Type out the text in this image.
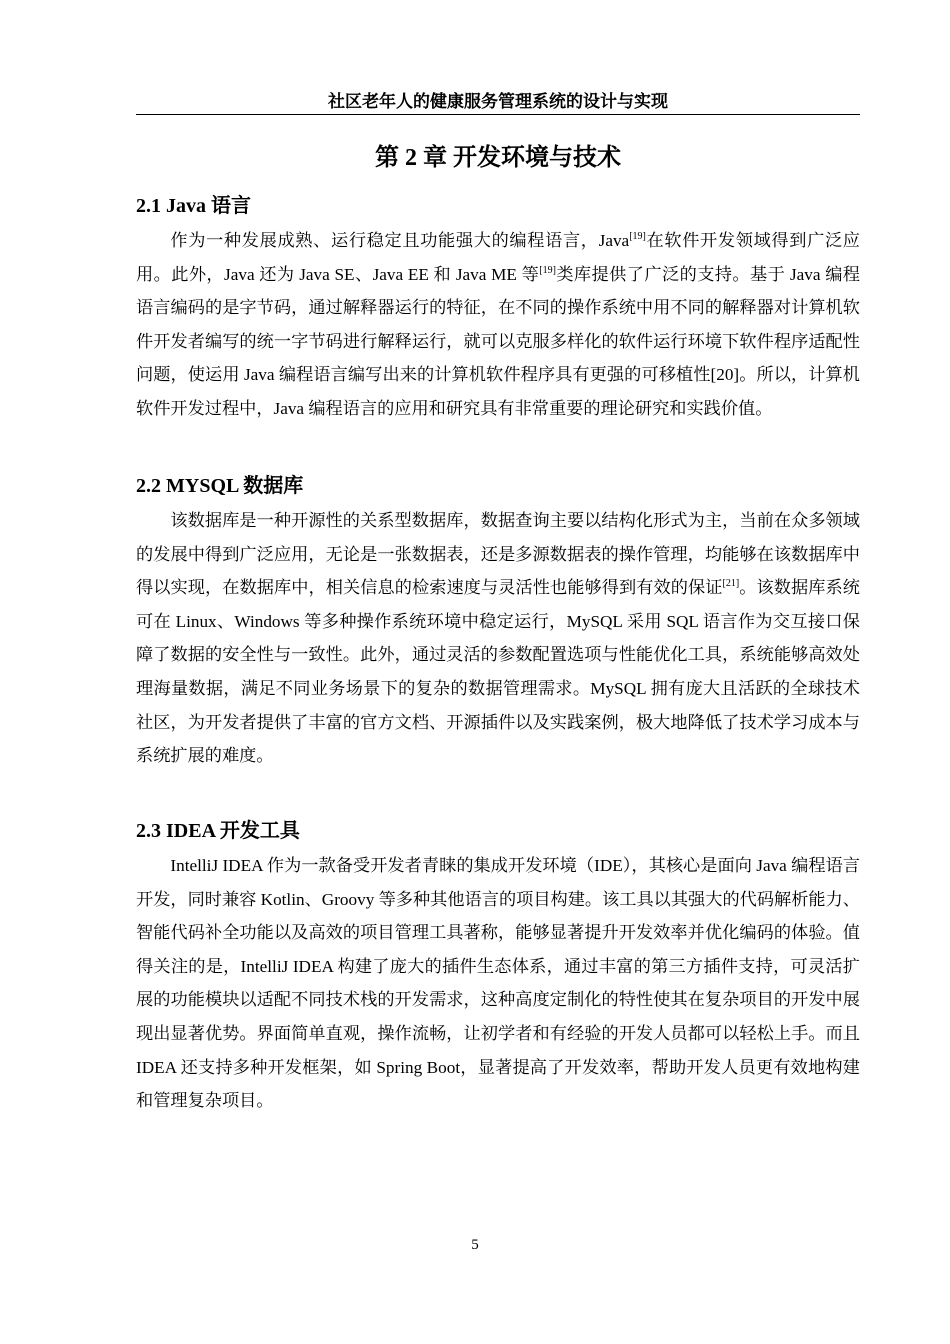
社区老年人的健康服务管理系统的设计与实现
第 2 章 开发环境与技术
2.1 Java 语言

作为一种发展成熟、运行稳定且功能强大的编程语言，Java[19]在软件开发领域得到广泛应用。此外，Java 还为 Java SE、Java EE 和 Java ME 等[19]类库提供了广泛的支持。基于 Java 编程语言编码的是字节码，通过解释器运行的特征，在不同的操作系统中用不同的解释器对计算机软件开发者编写的统一字节码进行解释运行，就可以克服多样化的软件运行环境下软件程序适配性问题，使运用 Java 编程语言编写出来的计算机软件程序具有更强的可移植性[20]。所以，计算机软件开发过程中，Java 编程语言的应用和研究具有非常重要的理论研究和实践价值。

2.2 MYSQL 数据库

该数据库是一种开源性的关系型数据库，数据查询主要以结构化形式为主，当前在众多领域的发展中得到广泛应用，无论是一张数据表，还是多源数据表的操作管理，均能够在该数据库中得以实现，在数据库中，相关信息的检索速度与灵活性也能够得到有效的保证[21]。该数据库系统可在 Linux、Windows 等多种操作系统环境中稳定运行，MySQL 采用 SQL 语言作为交互接口保障了数据的安全性与一致性。此外，通过灵活的参数配置选项与性能优化工具，系统能够高效处理海量数据，满足不同业务场景下的复杂的数据管理需求。MySQL 拥有庞大且活跃的全球技术社区，为开发者提供了丰富的官方文档、开源插件以及实践案例，极大地降低了技术学习成本与系统扩展的难度。

2.3 IDEA 开发工具

IntelliJ IDEA 作为一款备受开发者青睐的集成开发环境（IDE），其核心是面向 Java 编程语言开发，同时兼容 Kotlin、Groovy 等多种其他语言的项目构建。该工具以其强大的代码解析能力、智能代码补全功能以及高效的项目管理工具著称，能够显著提升开发效率并优化编码的体验。值得关注的是，IntelliJ IDEA 构建了庞大的插件生态体系，通过丰富的第三方插件支持，可灵活扩展的功能模块以适配不同技术栈的开发需求，这种高度定制化的特性使其在复杂项目的开发中展现出显著优势。界面简单直观，操作流畅，让初学者和有经验的开发人员都可以轻松上手。而且 IDEA 还支持多种开发框架，如 Spring Boot，显著提高了开发效率，帮助开发人员更有效地构建和管理复杂项目。

5
